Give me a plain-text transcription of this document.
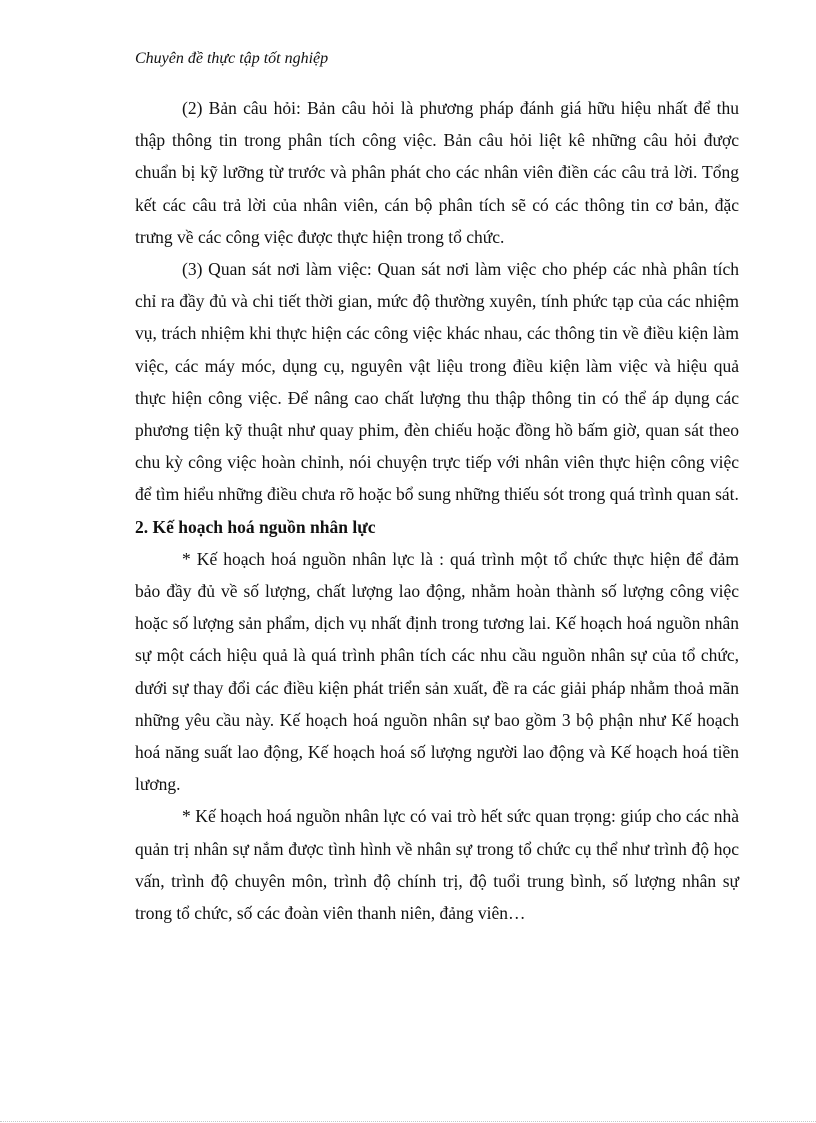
Chuyên đề thực tập tốt nghiệp

(2) Bản câu hỏi: Bản câu hỏi là phương pháp đánh giá hữu hiệu nhất để thu thập thông tin trong phân tích công việc. Bản câu hỏi liệt kê những câu hỏi được chuẩn bị kỹ lưỡng từ trước và phân phát cho các nhân viên điền các câu trả lời. Tổng kết các câu trả lời của nhân viên, cán bộ phân tích sẽ có các thông tin cơ bản, đặc trưng về các công việc được thực hiện trong tổ chức.

(3) Quan sát nơi làm việc: Quan sát nơi làm việc cho phép các nhà phân tích chỉ ra đầy đủ và chi tiết thời gian, mức độ thường xuyên, tính phức tạp của các nhiệm vụ, trách nhiệm khi thực hiện các công việc khác nhau, các thông tin về điều kiện làm việc, các máy móc, dụng cụ, nguyên vật liệu trong điều kiện làm việc và hiệu quả thực hiện công việc. Để nâng cao chất lượng thu thập thông tin có thể áp dụng các phương tiện kỹ thuật như quay phim, đèn chiếu hoặc đồng hồ bấm giờ, quan sát theo chu kỳ công việc hoàn chỉnh, nói chuyện trực tiếp với nhân viên thực hiện công việc để tìm hiểu những điều chưa rõ hoặc bổ sung những thiếu sót trong quá trình quan sát.

2. Kế hoạch hoá nguồn nhân lực

* Kế hoạch hoá nguồn nhân lực là : quá trình một tổ chức thực hiện để đảm bảo đầy đủ về số lượng, chất lượng lao động, nhằm hoàn thành số lượng công việc hoặc số lượng sản phẩm, dịch vụ nhất định trong tương lai. Kế hoạch hoá nguồn nhân sự một cách hiệu quả là quá trình phân tích các nhu cầu nguồn nhân sự của tổ chức, dưới sự thay đổi các điều kiện phát triển sản xuất, đề ra các giải pháp nhằm thoả mãn những yêu cầu này. Kế hoạch hoá nguồn nhân sự bao gồm 3 bộ phận như Kế hoạch hoá năng suất lao động, Kế hoạch hoá số lượng người lao động và Kế hoạch hoá tiền lương.

* Kế hoạch hoá nguồn nhân lực có vai trò hết sức quan trọng: giúp cho các nhà quản trị nhân sự nắm được tình hình về nhân sự trong tổ chức cụ thể như trình độ học vấn, trình độ chuyên môn, trình độ chính trị, độ tuổi trung bình, số lượng nhân sự trong tổ chức, số các đoàn viên thanh niên, đảng viên…
